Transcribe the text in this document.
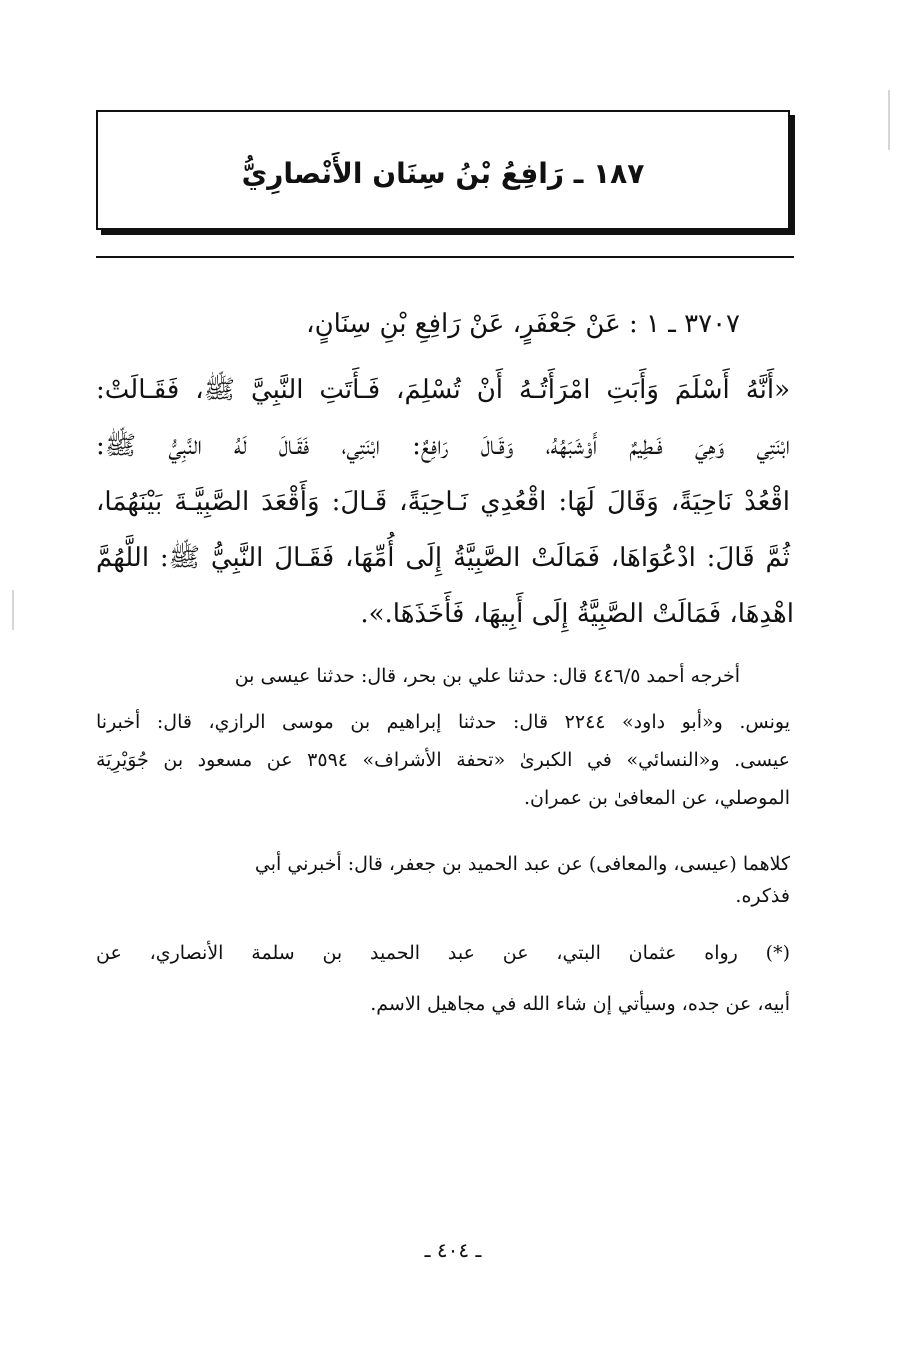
١٨٧ ـ رَافِعُ بْنُ سِنَان الأَنْصارِيُّ
٣٧٠٧ ـ ١ : عَنْ جَعْفَرٍ، عَنْ رَافِعِ بْنِ سِنَانٍ،
«أَنَّهُ أَسْلَمَ وَأَبَتِ امْرَأَتُـهُ أَنْ تُسْلِمَ، فَـأَتَتِ النَّبِيَّ ﷺ، فَقَـالَتْ:
ابْنَتِي وَهِيَ فَـطِيمٌ أَوْشَبَهُهُ، وَقَـالَ رَافِعٌ: ابْنَتِي، فَقَـالَ لَهُ النَّبِيُّ ﷺ:
اقْعُدْ نَاحِيَةً، وَقَالَ لَهَا: اقْعُدِي نَـاحِيَةً، قَـالَ: وَأَقْعَدَ الصَّبِيَّـةَ بَيْنَهُمَا،
ثُمَّ قَالَ: ادْعُوَاهَا، فَمَالَتْ الصَّبِيَّةُ إِلَى أُمِّهَا، فَقَـالَ النَّبِيُّ ﷺ: اللَّهُمَّ
اهْدِهَا، فَمَالَتْ الصَّبِيَّةُ إِلَى أَبِيهَا، فَأَخَذَهَا.».
أخرجه أحمد ٤٤٦/٥ قال: حدثنا علي بن بحر، قال: حدثنا عيسى بن
يونس. و«أبو داود» ٢٢٤٤ قال: حدثنا إبراهيم بن موسى الرازي، قال: أخبرنا
عيسى. و«النسائي» في الكبرىٰ «تحفة الأشراف» ٣٥٩٤ عن مسعود بن جُوَيْرِيَة
الموصلي، عن المعافىٰ بن عمران.
كلاهما (عيسى، والمعافى) عن عبد الحميد بن جعفر، قال: أخبرني أبي
فذكره.
(*) رواه عثمان البتي، عن عبد الحميد بن سلمة الأنصاري، عن
أبيه، عن جده، وسيأتي إن شاء الله في مجاهيل الاسم.
ـ ٤٠٤ ـ
